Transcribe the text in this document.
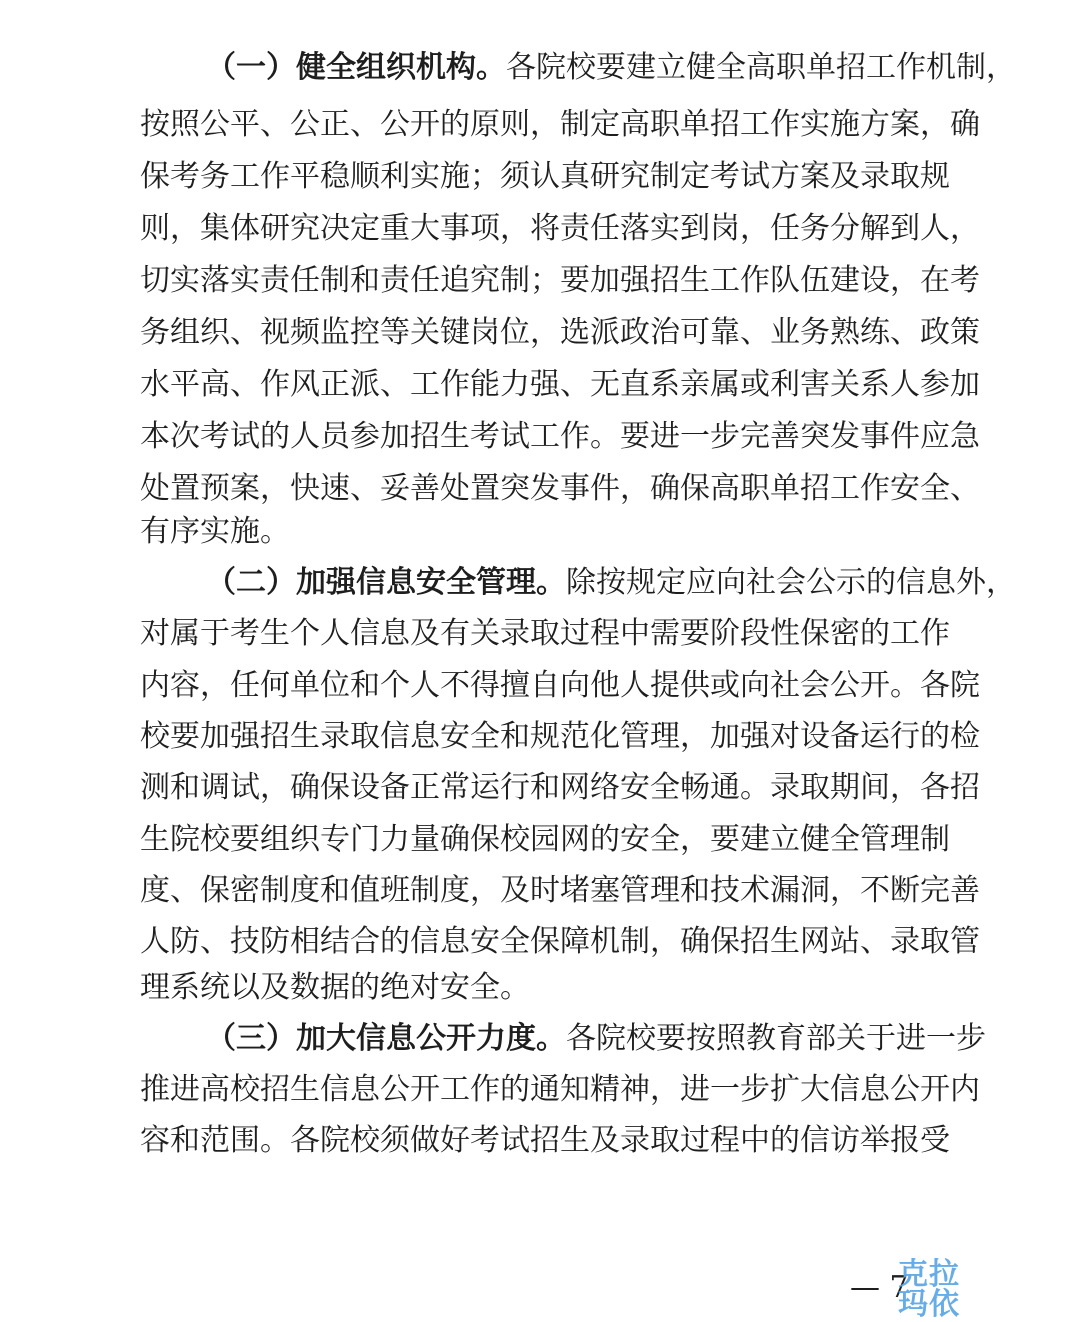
（一）健全组织机构。各院校要建立健全高职单招工作机制，
按照公平、公正、公开的原则，制定高职单招工作实施方案，确
保考务工作平稳顺利实施；须认真研究制定考试方案及录取规
则，集体研究决定重大事项，将责任落实到岗，任务分解到人，
切实落实责任制和责任追究制；要加强招生工作队伍建设，在考
务组织、视频监控等关键岗位，选派政治可靠、业务熟练、政策
水平高、作风正派、工作能力强、无直系亲属或利害关系人参加
本次考试的人员参加招生考试工作。要进一步完善突发事件应急
处置预案，快速、妥善处置突发事件，确保高职单招工作安全、
有序实施。
（二）加强信息安全管理。除按规定应向社会公示的信息外，
对属于考生个人信息及有关录取过程中需要阶段性保密的工作
内容，任何单位和个人不得擅自向他人提供或向社会公开。各院
校要加强招生录取信息安全和规范化管理，加强对设备运行的检
测和调试，确保设备正常运行和网络安全畅通。录取期间，各招
生院校要组织专门力量确保校园网的安全，要建立健全管理制
度、保密制度和值班制度，及时堵塞管理和技术漏洞，不断完善
人防、技防相结合的信息安全保障机制，确保招生网站、录取管
理系统以及数据的绝对安全。
（三）加大信息公开力度。各院校要按照教育部关于进一步
推进高校招生信息公开工作的通知精神，进一步扩大信息公开内
容和范围。各院校须做好考试招生及录取过程中的信访举报受
— 7
克拉
玛依
